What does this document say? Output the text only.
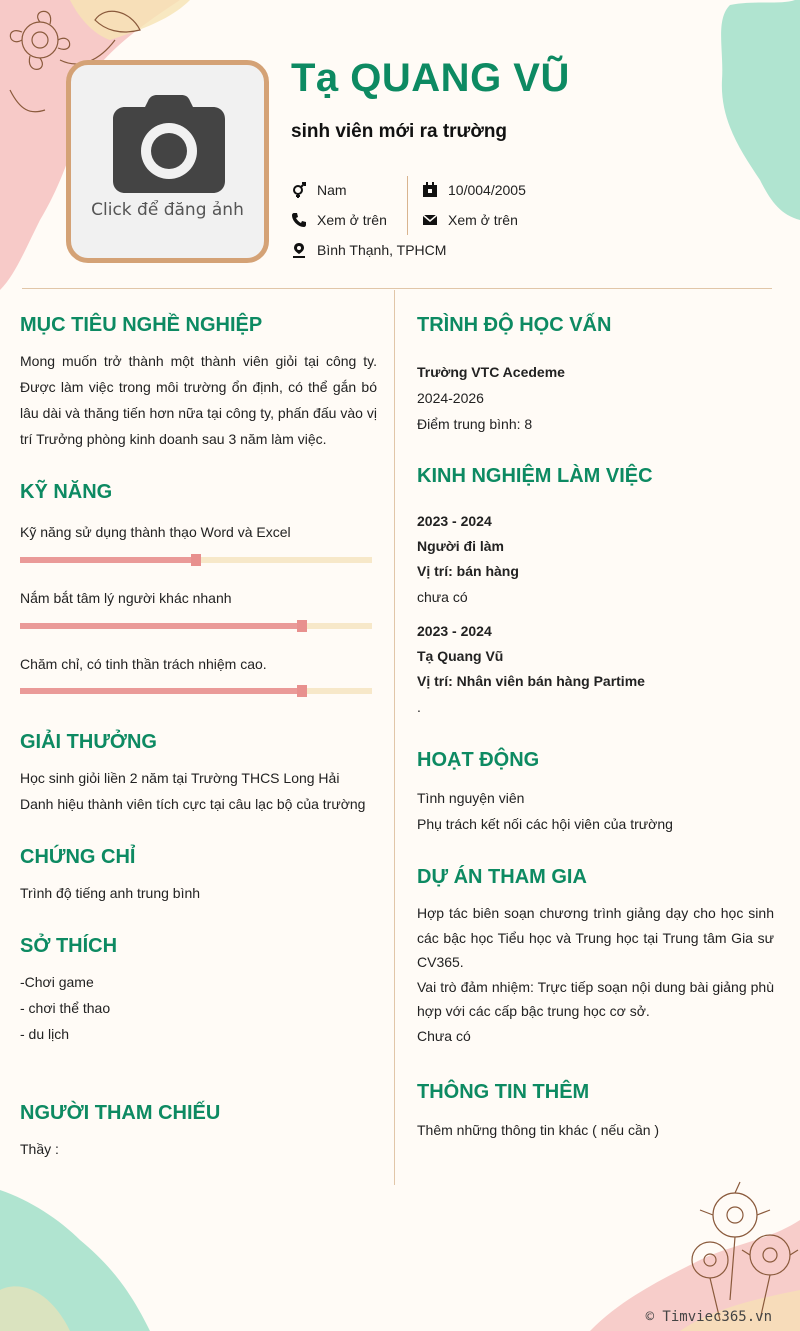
Click để đăng ảnh
Tạ QUANG VŨ
sinh viên mới ra trường
Nam
Xem ở trên
Bình Thạnh, TPHCM
10/004/2005
Xem ở trên
MỤC TIÊU NGHỀ NGHIỆP
Mong muốn trở thành một thành viên giỏi tại công ty.
Được làm việc trong môi trường ổn định, có thể gắn bó
lâu dài và thăng tiến hơn nữa tại công ty, phấn đấu vào vị
trí Trưởng phòng kinh doanh sau 3 năm làm việc.
KỸ NĂNG
Kỹ năng sử dụng thành thạo Word và Excel
Nắm bắt tâm lý người khác nhanh
Chăm chỉ, có tinh thần trách nhiệm cao.
GIẢI THƯỞNG
Học sinh giỏi liền 2 năm tại Trường THCS Long Hải
Danh hiệu thành viên tích cực tại câu lạc bộ của trường
CHỨNG CHỈ
Trình độ tiếng anh trung bình
SỞ THÍCH
-Chơi game
- chơi thể thao
- du lịch
NGƯỜI THAM CHIẾU
Thầy :
TRÌNH ĐỘ HỌC VẤN
Trường VTC Acedeme
2024-2026
Điểm trung bình: 8
KINH NGHIỆM LÀM VIỆC
2023 - 2024
Người đi làm
Vị trí: bán hàng
chưa có
2023 - 2024
Tạ Quang Vũ
Vị trí: Nhân viên bán hàng Partime
.
HOẠT ĐỘNG
Tình nguyện viên
Phụ trách kết nối các hội viên của trường
DỰ ÁN THAM GIA
Hợp tác biên soạn chương trình giảng dạy cho học sinh
các bậc học Tiểu học và Trung học tại Trung tâm Gia sư
CV365.
Vai trò đảm nhiệm: Trực tiếp soạn nội dung bài giảng phù
hợp với các cấp bậc trung học cơ sở.
Chưa có
THÔNG TIN THÊM
Thêm những thông tin khác ( nếu cần )
© Timviec365.vn
